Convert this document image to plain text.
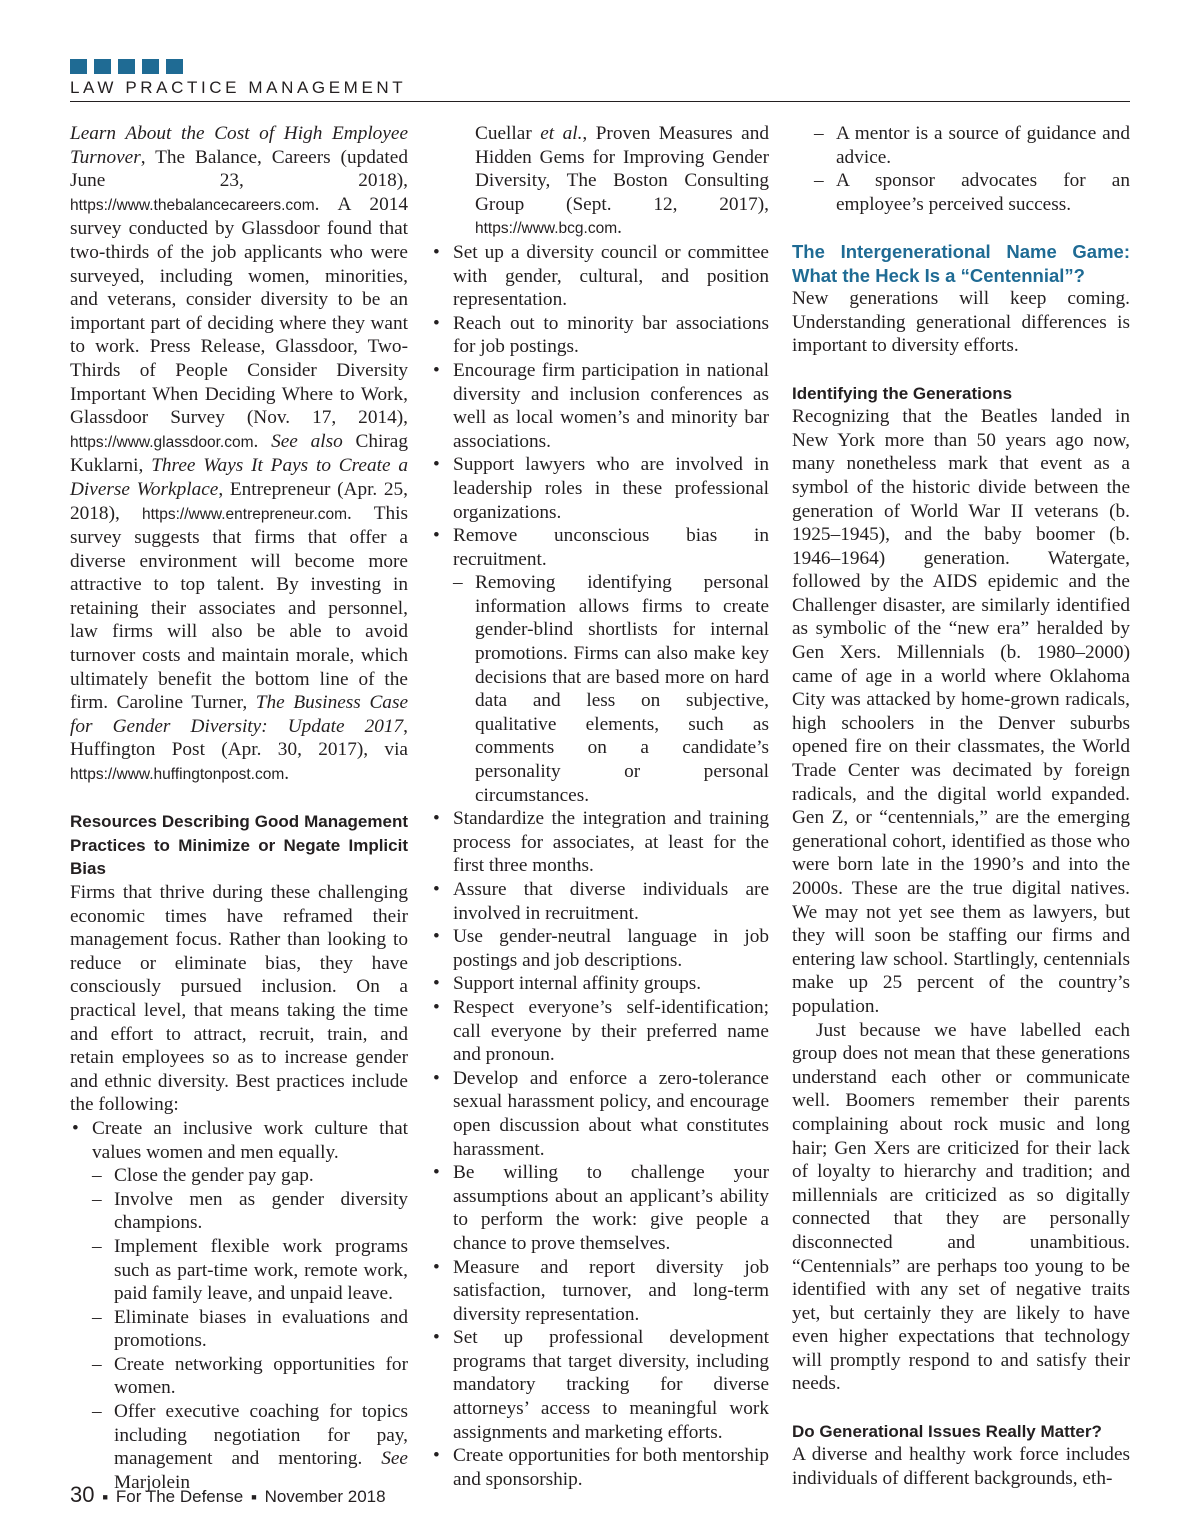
LAW PRACTICE MANAGEMENT

Learn About the Cost of High Employee Turnover, The Balance, Careers (updated June 23, 2018), https://www.thebalancecareers.com. A 2014 survey conducted by Glassdoor found that two-thirds of the job applicants who were surveyed, including women, minorities, and veterans, consider diversity to be an important part of deciding where they want to work. Press Release, Glassdoor, Two-Thirds of People Consider Diversity Important When Deciding Where to Work, Glassdoor Survey (Nov. 17, 2014), https://www.glassdoor.com. See also Chirag Kuklarni, Three Ways It Pays to Create a Diverse Workplace, Entrepreneur (Apr. 25, 2018), https://www.entrepreneur.com. This survey suggests that firms that offer a diverse environment will become more attractive to top talent. By investing in retaining their associates and personnel, law firms will also be able to avoid turnover costs and maintain morale, which ultimately benefit the bottom line of the firm. Caroline Turner, The Business Case for Gender Diversity: Update 2017, Huffington Post (Apr. 30, 2017), via https://www.huffingtonpost.com.

Resources Describing Good Management Practices to Minimize or Negate Implicit Bias

Firms that thrive during these challenging economic times have reframed their management focus. Rather than looking to reduce or eliminate bias, they have consciously pursued inclusion. On a practical level, that means taking the time and effort to attract, recruit, train, and retain employees so as to increase gender and ethnic diversity. Best practices include the following:

• Create an inclusive work culture that values women and men equally.
– Close the gender pay gap.
– Involve men as gender diversity champions.
– Implement flexible work programs such as part-time work, remote work, paid family leave, and unpaid leave.
– Eliminate biases in evaluations and promotions.
– Create networking opportunities for women.
– Offer executive coaching for topics including negotiation for pay, management and mentoring. See Marjolein
Cuellar et al., Proven Measures and Hidden Gems for Improving Gender Diversity, The Boston Consulting Group (Sept. 12, 2017), https://www.bcg.com.
• Set up a diversity council or committee with gender, cultural, and position representation.
• Reach out to minority bar associations for job postings.
• Encourage firm participation in national diversity and inclusion conferences as well as local women’s and minority bar associations.
• Support lawyers who are involved in leadership roles in these professional organizations.
• Remove unconscious bias in recruitment.
– Removing identifying personal information allows firms to create gender-blind shortlists for internal promotions. Firms can also make key decisions that are based more on hard data and less on subjective, qualitative elements, such as comments on a candidate’s personality or personal circumstances.
• Standardize the integration and training process for associates, at least for the first three months.
• Assure that diverse individuals are involved in recruitment.
• Use gender-neutral language in job postings and job descriptions.
• Support internal affinity groups.
• Respect everyone’s self-identification; call everyone by their preferred name and pronoun.
• Develop and enforce a zero-tolerance sexual harassment policy, and encourage open discussion about what constitutes harassment.
• Be willing to challenge your assumptions about an applicant’s ability to perform the work: give people a chance to prove themselves.
• Measure and report diversity job satisfaction, turnover, and long-term diversity representation.
• Set up professional development programs that target diversity, including mandatory tracking for diverse attorneys’ access to meaningful work assignments and marketing efforts.
• Create opportunities for both mentorship and sponsorship.
– A mentor is a source of guidance and advice.
– A sponsor advocates for an employee’s perceived success.

The Intergenerational Name Game: What the Heck Is a “Centennial”?

New generations will keep coming. Understanding generational differences is important to diversity efforts.

Identifying the Generations

Recognizing that the Beatles landed in New York more than 50 years ago now, many nonetheless mark that event as a symbol of the historic divide between the generation of World War II veterans (b. 1925–1945), and the baby boomer (b. 1946–1964) generation. Watergate, followed by the AIDS epidemic and the Challenger disaster, are similarly identified as symbolic of the “new era” heralded by Gen Xers. Millennials (b. 1980–2000) came of age in a world where Oklahoma City was attacked by home-grown radicals, high schoolers in the Denver suburbs opened fire on their classmates, the World Trade Center was decimated by foreign radicals, and the digital world expanded. Gen Z, or “centennials,” are the emerging generational cohort, identified as those who were born late in the 1990’s and into the 2000s. These are the true digital natives. We may not yet see them as lawyers, but they will soon be staffing our firms and entering law school. Startlingly, centennials make up 25 percent of the country’s population.

Just because we have labelled each group does not mean that these generations understand each other or communicate well. Boomers remember their parents complaining about rock music and long hair; Gen Xers are criticized for their lack of loyalty to hierarchy and tradition; and millennials are criticized as so digitally connected that they are personally disconnected and unambitious. “Centennials” are perhaps too young to be identified with any set of negative traits yet, but certainly they are likely to have even higher expectations that technology will promptly respond to and satisfy their needs.

Do Generational Issues Really Matter?

A diverse and healthy work force includes individuals of different backgrounds, eth-

30 ■ For The Defense ■ November 2018
